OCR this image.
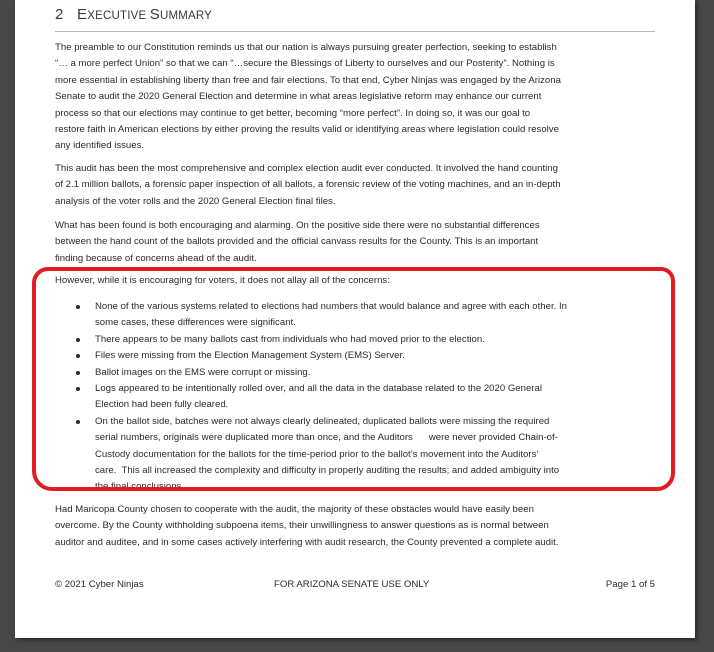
2 EXECUTIVE SUMMARY
The preamble to our Constitution reminds us that our nation is always pursuing greater perfection, seeking to establish
“… a more perfect Union” so that we can “…secure the Blessings of Liberty to ourselves and our Posterity”. Nothing is
more essential in establishing liberty than free and fair elections. To that end, Cyber Ninjas was engaged by the Arizona
Senate to audit the 2020 General Election and determine in what areas legislative reform may enhance our current
process so that our elections may continue to get better, becoming “more perfect”. In doing so, it was our goal to
restore faith in American elections by either proving the results valid or identifying areas where legislation could resolve
any identified issues.
This audit has been the most comprehensive and complex election audit ever conducted. It involved the hand counting
of 2.1 million ballots, a forensic paper inspection of all ballots, a forensic review of the voting machines, and an in-depth
analysis of the voter rolls and the 2020 General Election final files.
What has been found is both encouraging and alarming. On the positive side there were no substantial differences
between the hand count of the ballots provided and the official canvass results for the County. This is an important
finding because of concerns ahead of the audit.
However, while it is encouraging for voters, it does not allay all of the concerns:
None of the various systems related to elections had numbers that would balance and agree with each other. In
some cases, these differences were significant.
There appears to be many ballots cast from individuals who had moved prior to the election.
Files were missing from the Election Management System (EMS) Server.
Ballot images on the EMS were corrupt or missing.
Logs appeared to be intentionally rolled over, and all the data in the database related to the 2020 General
Election had been fully cleared.
On the ballot side, batches were not always clearly delineated, duplicated ballots were missing the required
serial numbers, originals were duplicated more than once, and the Auditors      were never provided Chain-of-
Custody documentation for the ballots for the time-period prior to the ballot’s movement into the Auditors’
care.  This all increased the complexity and difficulty in properly auditing the results; and added ambiguity into
the final conclusions.
Had Maricopa County chosen to cooperate with the audit, the majority of these obstacles would have easily been
overcome. By the County withholding subpoena items, their unwillingness to answer questions as is normal between
auditor and auditee, and in some cases actively interfering with audit research, the County prevented a complete audit.
© 2021 Cyber Ninjas	FOR ARIZONA SENATE USE ONLY	Page 1 of 5
